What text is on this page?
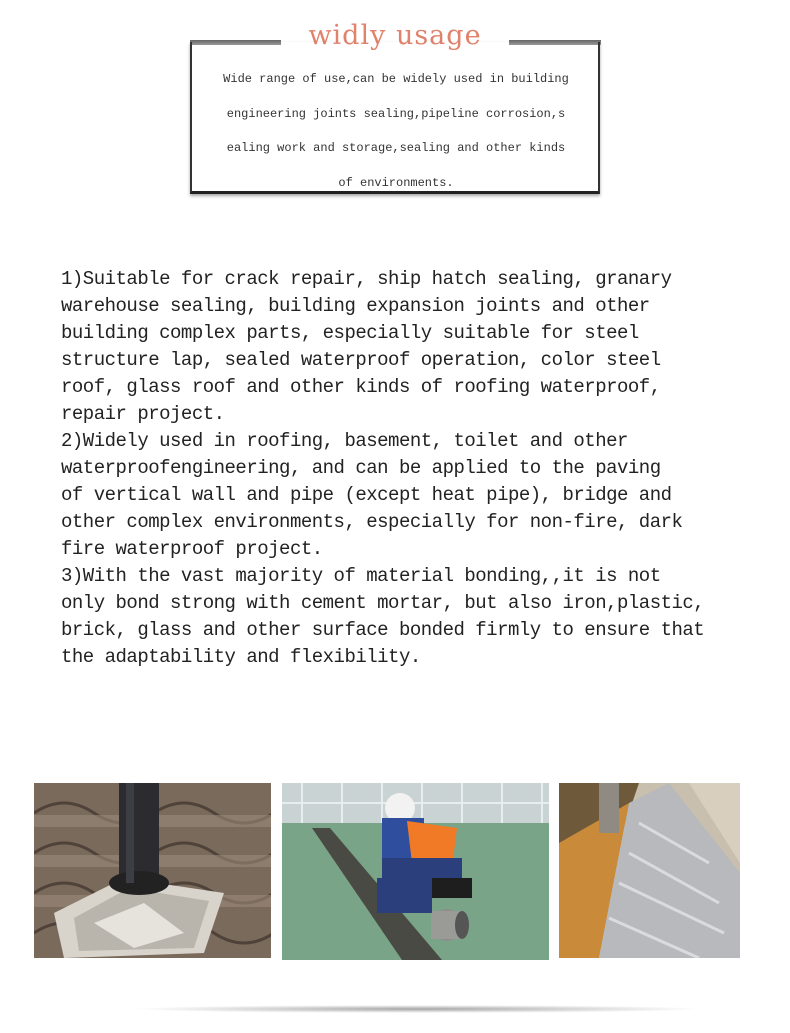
widly usage
Wide range of use,can be widely used in building
engineering joints sealing,pipeline corrosion,s
ealing work and storage,sealing and other kinds
of environments.

1)Suitable for crack repair, ship hatch sealing, granary
warehouse sealing, building expansion joints and other
building complex parts, especially suitable for steel
structure lap, sealed waterproof operation, color steel
roof, glass roof and other kinds of roofing waterproof,
repair project.

2)Widely used in roofing, basement, toilet and other
waterproofengineering, and can be applied to the paving
of vertical wall and pipe (except heat pipe), bridge and
other complex environments, especially for non-fire, dark
fire waterproof project.

3)With the vast majority of material bonding,,it is not
only bond strong with cement mortar, but also iron,plastic,
brick, glass and other surface bonded firmly to ensure that
the adaptability and flexibility.
